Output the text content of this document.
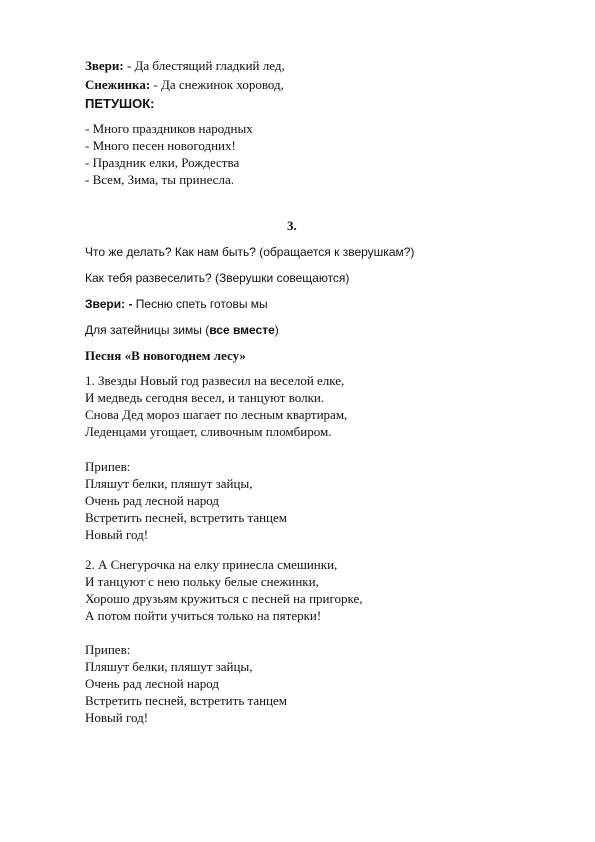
Звери: - Да блестящий гладкий лед,
Снежинка: - Да снежинок хоровод,
ПЕТУШОК:
- Много праздников народных
- Много песен новогодних!
- Праздник елки, Рождества
- Всем, Зима, ты принесла.
3.
Что же делать? Как нам быть? (обращается к зверушкам?)
Как тебя развеселить? (Зверушки совещаются)
Звери: - Песню спеть готовы мы
Для затейницы зимы (все вместе)
Песня «В новогоднем лесу»
1. Звезды Новый год развесил на веселой елке,
И медведь сегодня весел, и танцуют волки.
Снова Дед мороз шагает по лесным квартирам,
Леденцами угощает, сливочным пломбиром.
Припев:
Пляшут белки, пляшут зайцы,
Очень рад лесной народ
Встретить песней, встретить танцем
Новый год!
2. А Снегурочка на елку принесла смешинки,
И танцуют с нею польку белые снежинки,
Хорошо друзьям кружиться с песней на пригорке,
А потом пойти учиться только на пятерки!
Припев:
Пляшут белки, пляшут зайцы,
Очень рад лесной народ
Встретить песней, встретить танцем
Новый год!
